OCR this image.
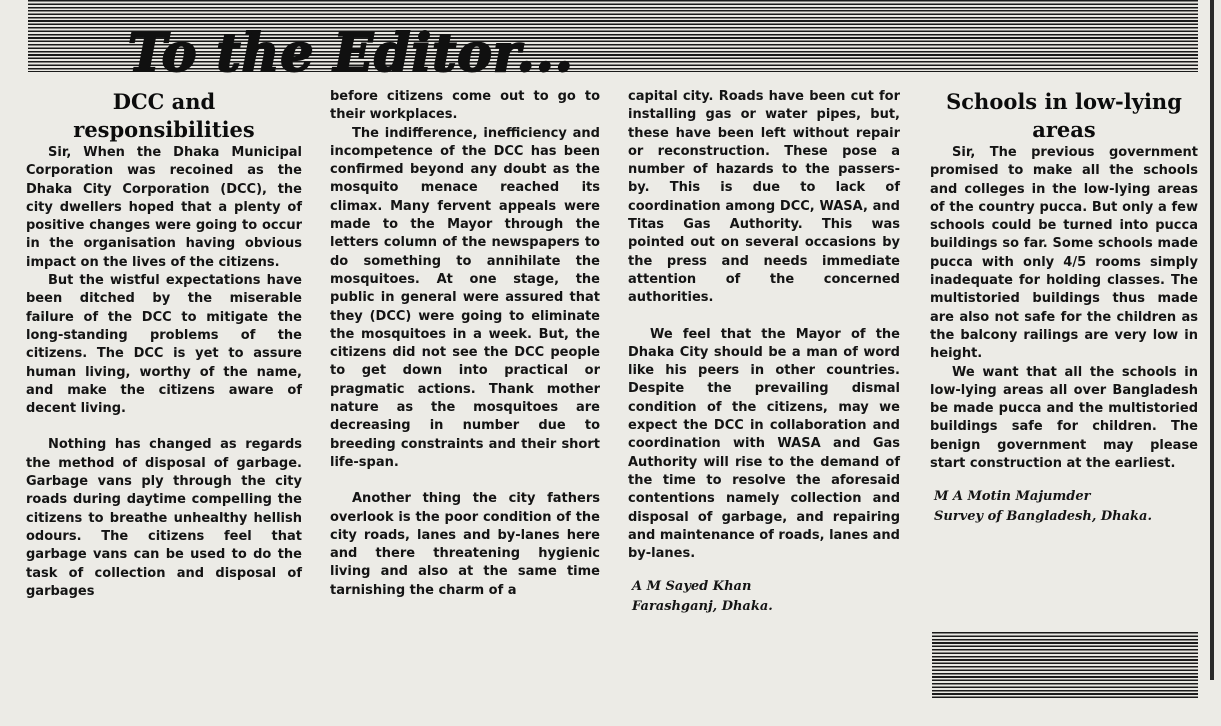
To the Editor...
DCC and responsibilities

Sir, When the Dhaka Municipal Corporation was recoined as the Dhaka City Corporation (DCC), the city dwellers hoped that a plenty of positive changes were going to occur in the organisation having obvious impact on the lives of the citizens.

But the wistful expectations have been ditched by the miserable failure of the DCC to mitigate the long-standing problems of the citizens. The DCC is yet to assure human living, worthy of the name, and make the citizens aware of decent living.

Nothing has changed as regards the method of disposal of garbage. Garbage vans ply through the city roads during daytime compelling the citizens to breathe unhealthy hellish odours. The citizens feel that garbage vans can be used to do the task of collection and disposal of garbages

before citizens come out to go to their workplaces.

The indifference, inefficiency and incompetence of the DCC has been confirmed beyond any doubt as the mosquito menace reached its climax. Many fervent appeals were made to the Mayor through the letters column of the newspapers to do something to annihilate the mosquitoes. At one stage, the public in general were assured that they (DCC) were going to eliminate the mosquitoes in a week. But, the citizens did not see the DCC people to get down into practical or pragmatic actions. Thank mother nature as the mosquitoes are decreasing in number due to breeding constraints and their short life-span.

Another thing the city fathers overlook is the poor condition of the city roads, lanes and by-lanes here and there threatening hygienic living and also at the same time tarnishing the charm of a

capital city. Roads have been cut for installing gas or water pipes, but, these have been left without repair or reconstruction. These pose a number of hazards to the passers-by. This is due to lack of coordination among DCC, WASA, and Titas Gas Authority. This was pointed out on several occasions by the press and needs immediate attention of the concerned authorities.

We feel that the Mayor of the Dhaka City should be a man of word like his peers in other countries. Despite the prevailing dismal condition of the citizens, may we expect the DCC in collaboration and coordination with WASA and Gas Authority will rise to the demand of the time to resolve the aforesaid contentions namely collection and disposal of garbage, and repairing and maintenance of roads, lanes and by-lanes.

A M Sayed Khan

Farashganj, Dhaka.

Schools in low-lying areas

Sir, The previous government promised to make all the schools and colleges in the low-lying areas of the country pucca. But only a few schools could be turned into pucca buildings so far. Some schools made pucca with only 4/5 rooms simply inadequate for holding classes. The multistoried buildings thus made are also not safe for the children as the balcony railings are very low in height.

We want that all the schools in low-lying areas all over Bangladesh be made pucca and the multistoried buildings safe for children. The benign government may please start construction at the earliest.

M A Motin Majumder

Survey of Bangladesh, Dhaka.
